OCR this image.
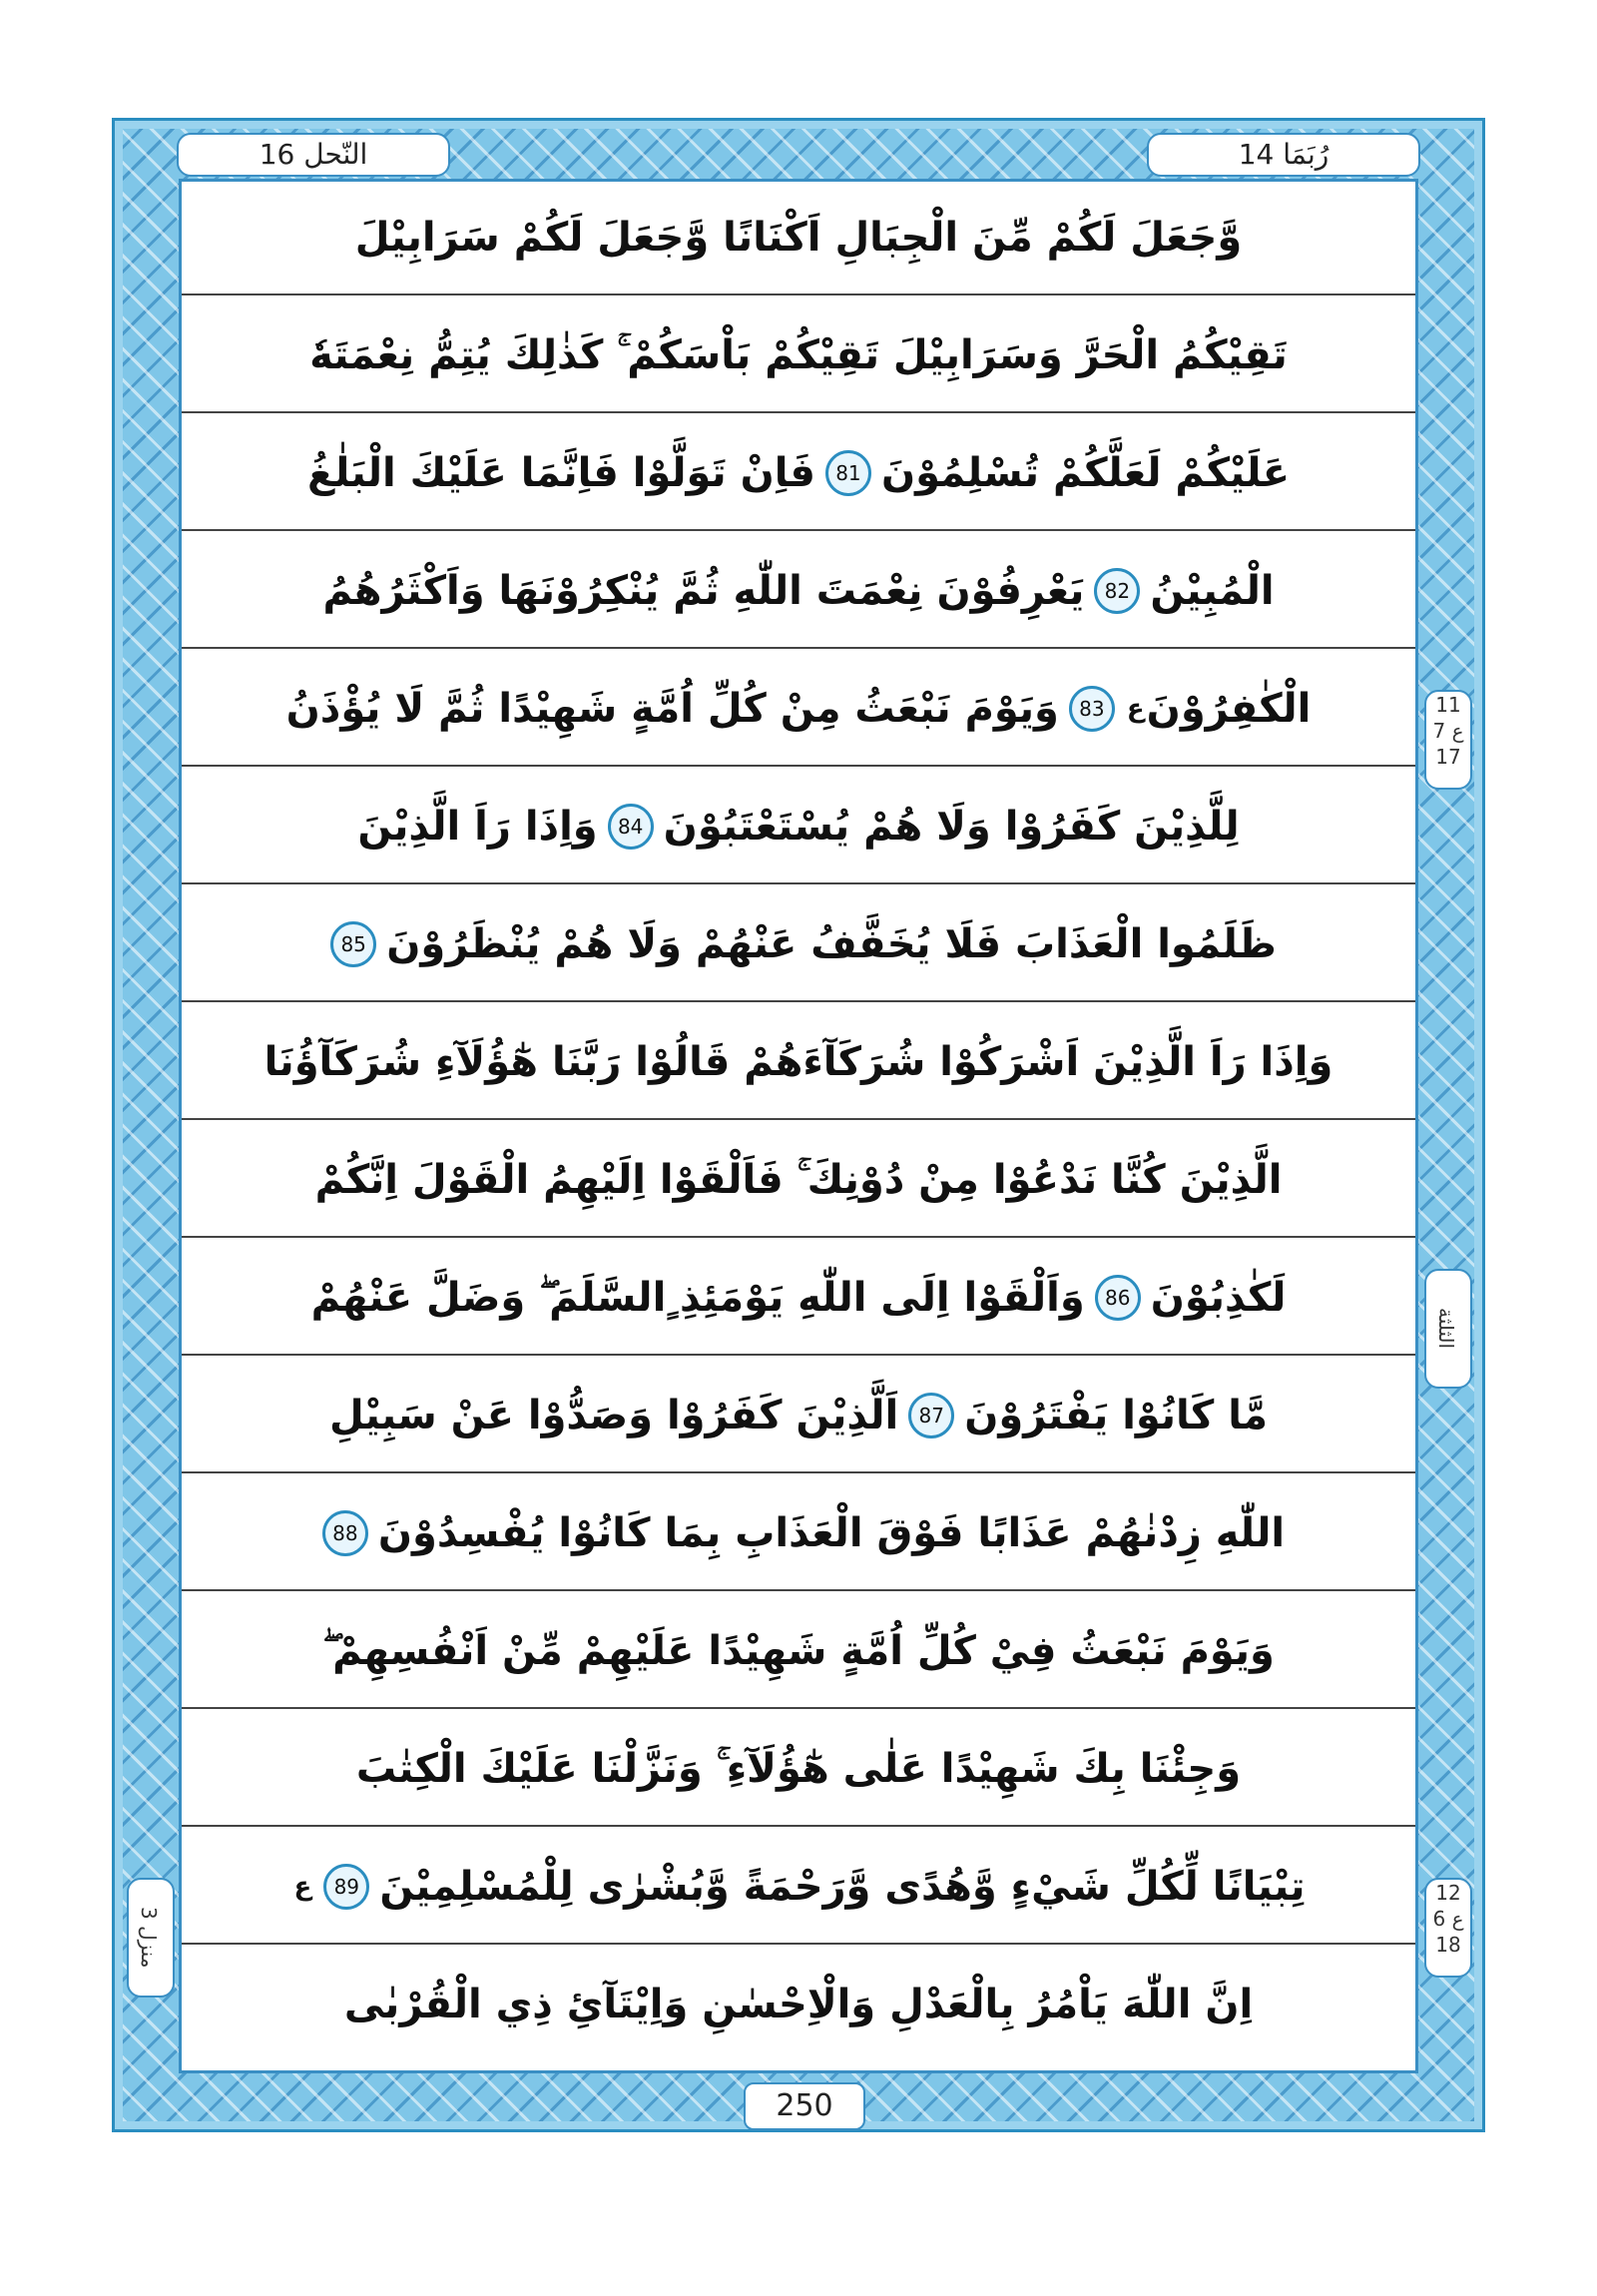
النّحل 16	رُبَمَا 14
وَّجَعَلَ لَكُمْ مِّنَ الْجِبَالِ اَكْنَانًا وَّجَعَلَ لَكُمْ سَرَابِيْلَ
تَقِيْكُمُ الْحَرَّ وَسَرَابِيْلَ تَقِيْكُمْ بَاْسَكُمْ ۚ كَذٰلِكَ يُتِمُّ نِعْمَتَهٗ
عَلَيْكُمْ لَعَلَّكُمْ تُسْلِمُوْنَ
81
فَاِنْ تَوَلَّوْا فَاِنَّمَا عَلَيْكَ الْبَلٰغُ
الْمُبِيْنُ
82
يَعْرِفُوْنَ نِعْمَتَ اللّٰهِ ثُمَّ يُنْكِرُوْنَهَا وَاَكْثَرُهُمُ
الْكٰفِرُوْنَ
ع
83
وَيَوْمَ نَبْعَثُ مِنْ كُلِّ اُمَّةٍ شَهِيْدًا ثُمَّ لَا يُؤْذَنُ
لِلَّذِيْنَ كَفَرُوْا وَلَا هُمْ يُسْتَعْتَبُوْنَ
84
وَاِذَا رَاَ الَّذِيْنَ
ظَلَمُوا الْعَذَابَ فَلَا يُخَفَّفُ عَنْهُمْ وَلَا هُمْ يُنْظَرُوْنَ
85
وَاِذَا رَاَ الَّذِيْنَ اَشْرَكُوْا شُرَكَآءَهُمْ قَالُوْا رَبَّنَا هٰٓؤُلَآءِ شُرَكَآؤُنَا
الَّذِيْنَ كُنَّا نَدْعُوْا مِنْ دُوْنِكَ ۚ فَاَلْقَوْا اِلَيْهِمُ الْقَوْلَ اِنَّكُمْ
لَكٰذِبُوْنَ
86
وَاَلْقَوْا اِلَى اللّٰهِ يَوْمَئِذِ ٍالسَّلَمَ ۖ وَضَلَّ عَنْهُمْ
مَّا كَانُوْا يَفْتَرُوْنَ
87
اَلَّذِيْنَ كَفَرُوْا وَصَدُّوْا عَنْ سَبِيْلِ
اللّٰهِ زِدْنٰهُمْ عَذَابًا فَوْقَ الْعَذَابِ بِمَا كَانُوْا يُفْسِدُوْنَ
88
وَيَوْمَ نَبْعَثُ فِيْ كُلِّ اُمَّةٍ شَهِيْدًا عَلَيْهِمْ مِّنْ اَنْفُسِهِمْ ۖ
وَجِئْنَا بِكَ شَهِيْدًا عَلٰى هٰٓؤُلَآءِ ۚ وَنَزَّلْنَا عَلَيْكَ الْكِتٰبَ
تِبْيَانًا لِّكُلِّ شَيْءٍ وَّهُدًى وَّرَحْمَةً وَّبُشْرٰى لِلْمُسْلِمِيْنَ
89
ع
اِنَّ اللّٰهَ يَاْمُرُ بِالْعَدْلِ وَالْاِحْسٰنِ وَاِيْتَآئِ ذِي الْقُرْبٰى
11
ع 7
17
الثلثة
12
ع 6
18
منزل 3
250
